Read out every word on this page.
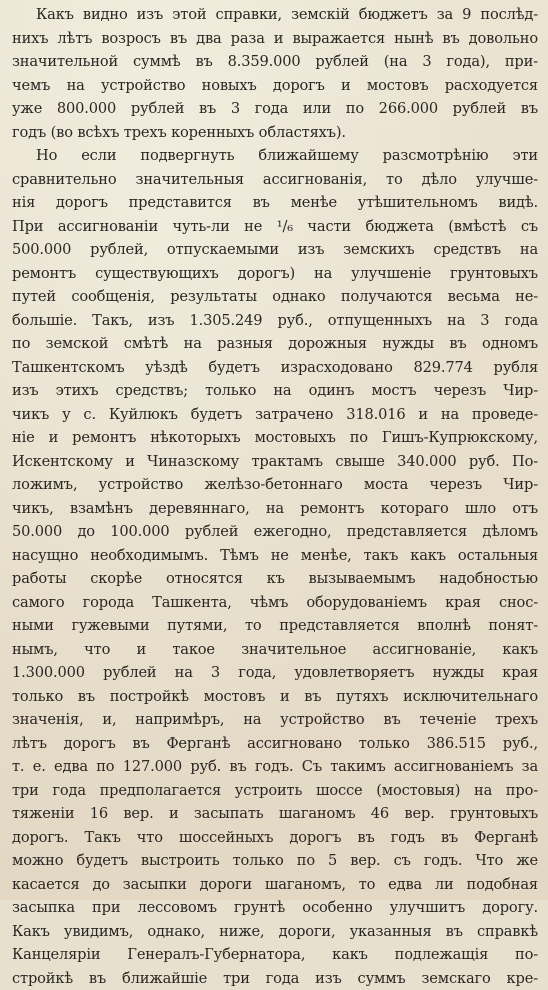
Какъ видно изъ этой справки, земскій бюджетъ за 9 послѣд-
нихъ лѣтъ возросъ въ два раза и выражается нынѣ въ довольно
значительной суммѣ въ 8.359.000 рублей (на 3 года), при-
чемъ на устройство новыхъ дорогъ и мостовъ расходуется
уже 800.000 рублей въ 3 года или по 266.000 рублей въ
годъ (во всѣхъ трехъ коренныхъ областяхъ).
Но если подвергнуть ближайшему разсмотрѣнію эти
сравнительно значительныя ассигнованія, то дѣло улучше-
нія дорогъ представится въ менѣе утѣшительномъ видѣ.
При ассигнованіи чуть-ли не ¹/₆ части бюджета (вмѣстѣ съ
500.000 рублей, отпускаемыми изъ земскихъ средствъ на
ремонтъ существующихъ дорогъ) на улучшеніе грунтовыхъ
путей сообщенія, результаты однако получаются весьма не-
большіе. Такъ, изъ 1.305.249 руб., отпущенныхъ на 3 года
по земской смѣтѣ на разныя дорожныя нужды въ одномъ
Ташкентскомъ уѣздѣ будетъ израсходовано 829.774 рубля
изъ этихъ средствъ; только на одинъ мостъ черезъ Чир-
чикъ у с. Куйлюкъ будетъ затрачено 318.016 и на проведе-
ніе и ремонтъ нѣкоторыхъ мостовыхъ по Гишъ-Купрюкскому,
Искентскому и Чиназскому трактамъ свыше 340.000 руб. По-
ложимъ, устройство желѣзо-бетоннаго моста черезъ Чир-
чикъ, взамѣнъ деревяннаго, на ремонтъ котораго шло отъ
50.000 до 100.000 рублей ежегодно, представляется дѣломъ
насущно необходимымъ. Тѣмъ не менѣе, такъ какъ остальныя
работы скорѣе относятся къ вызываемымъ надобностью
самого города Ташкента, чѣмъ оборудованіемъ края снос-
ными гужевыми путями, то представляется вполнѣ понят-
нымъ, что и такое значительное ассигнованіе, какъ
1.300.000 рублей на 3 года, удовлетворяетъ нужды края
только въ постройкѣ мостовъ и въ путяхъ исключительнаго
значенія, и, напримѣръ, на устройство въ теченіе трехъ
лѣтъ дорогъ въ Ферганѣ ассигновано только 386.515 руб.,
т. е. едва по 127.000 руб. въ годъ. Съ такимъ ассигнованіемъ за
три года предполагается устроить шоссе (мостовыя) на про-
тяженіи 16 вер. и засыпать шаганомъ 46 вер. грунтовыхъ
дорогъ. Такъ что шоссейныхъ дорогъ въ годъ въ Ферганѣ
можно будетъ выстроить только по 5 вер. съ годъ. Что же
касается до засыпки дороги шаганомъ, то едва ли подобная
засыпка при лессовомъ грунтѣ особенно улучшитъ дорогу.
Какъ увидимъ, однако, ниже, дороги, указанныя въ справкѣ
Канцеляріи Генералъ-Губернатора, какъ подлежащія по-
стройкѣ въ ближайшіе три года изъ суммъ земскаго кре-
